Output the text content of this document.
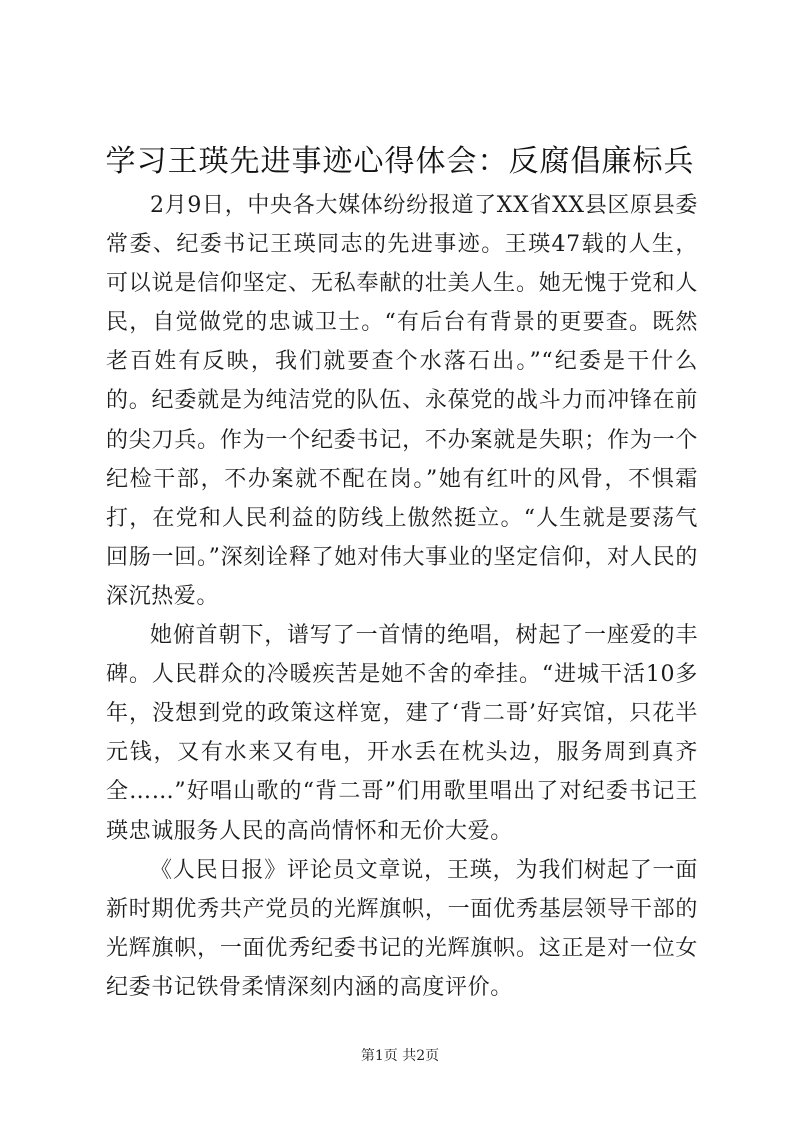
学习王瑛先进事迹心得体会：反腐倡廉标兵

2月9日，中央各大媒体纷纷报道了XX省XX县区原县委常委、纪委书记王瑛同志的先进事迹。王瑛47载的人生，可以说是信仰坚定、无私奉献的壮美人生。她无愧于党和人民，自觉做党的忠诚卫士。“有后台有背景的更要查。既然老百姓有反映，我们就要查个水落石出。”“纪委是干什么的。纪委就是为纯洁党的队伍、永葆党的战斗力而冲锋在前的尖刀兵。作为一个纪委书记，不办案就是失职；作为一个纪检干部，不办案就不配在岗。”她有红叶的风骨，不惧霜打，在党和人民利益的防线上傲然挺立。“人生就是要荡气回肠一回。”深刻诠释了她对伟大事业的坚定信仰，对人民的深沉热爱。

她俯首朝下，谱写了一首情的绝唱，树起了一座爱的丰碑。人民群众的冷暖疾苦是她不舍的牵挂。“进城干活10多年，没想到党的政策这样宽，建了‘背二哥’好宾馆，只花半元钱，又有水来又有电，开水丢在枕头边，服务周到真齐全……”好唱山歌的“背二哥”们用歌里唱出了对纪委书记王瑛忠诚服务人民的高尚情怀和无价大爱。

《人民日报》评论员文章说，王瑛，为我们树起了一面新时期优秀共产党员的光辉旗帜，一面优秀基层领导干部的光辉旗帜，一面优秀纪委书记的光辉旗帜。这正是对一位女纪委书记铁骨柔情深刻内涵的高度评价。

第1页 共2页
